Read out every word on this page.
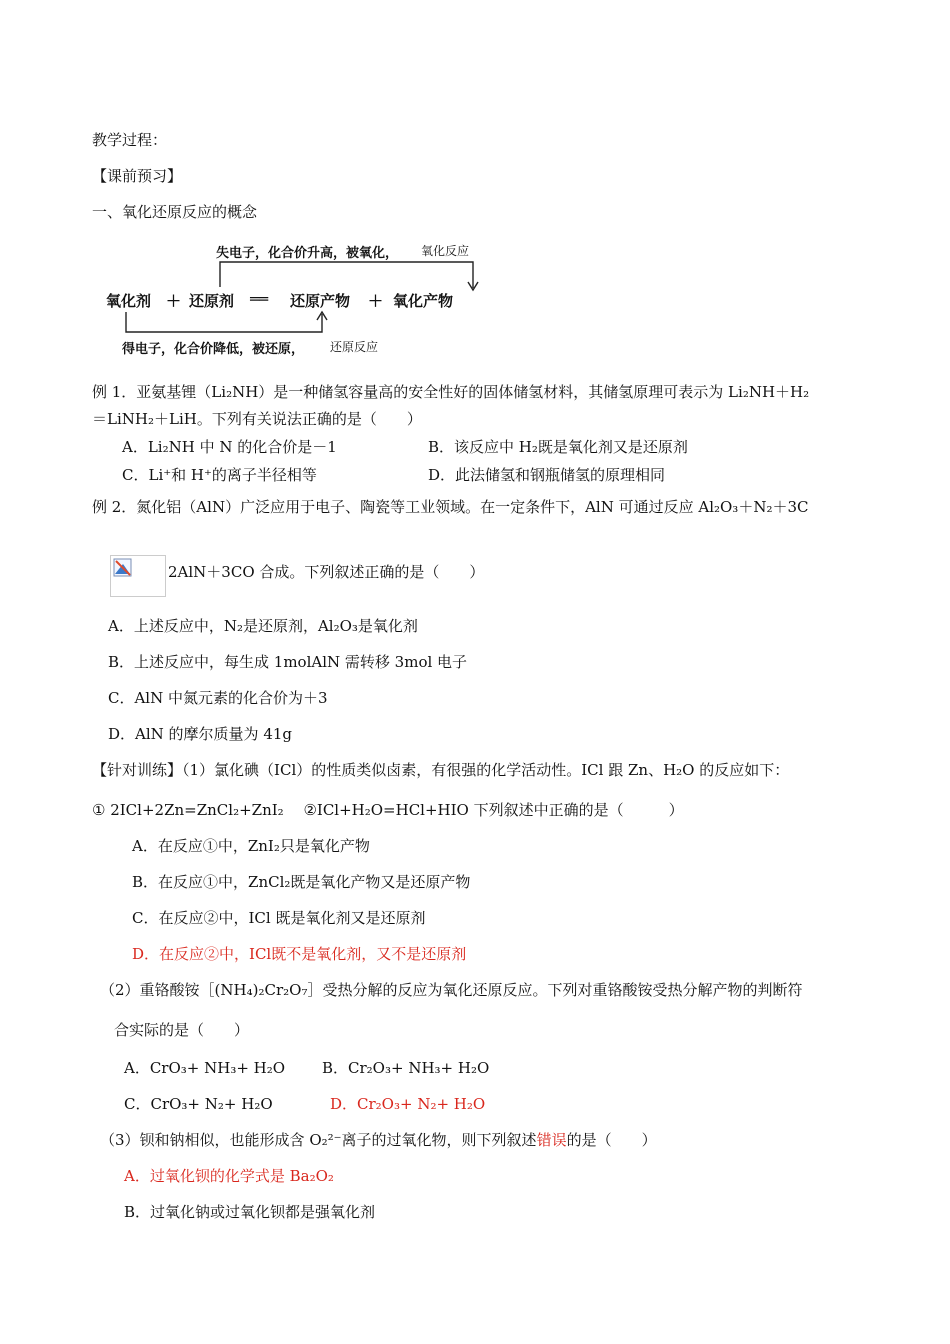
教学过程：
【课前预习】
一、氧化还原反应的概念
失电子，化合价升高，被氧化， 氧化反应
氧化剂 ＋ 还原剂 ══ 还原产物 ＋ 氧化产物
得电子，化合价降低，被还原， 还原反应
例 1．亚氨基锂（Li₂NH）是一种储氢容量高的安全性好的固体储氢材料，其储氢原理可表示为 Li₂NH＋H₂
＝LiNH₂＋LiH。下列有关说法正确的是（　　）
A．Li₂NH 中 N 的化合价是－1	B．该反应中 H₂既是氧化剂又是还原剂
C．Li⁺和 H⁺的离子半径相等	D．此法储氢和钢瓶储氢的原理相同
例 2．氮化铝（AlN）广泛应用于电子、陶瓷等工业领域。在一定条件下，AlN 可通过反应 Al₂O₃＋N₂＋3C
2AlN＋3CO 合成。下列叙述正确的是（　　）
A．上述反应中，N₂是还原剂，Al₂O₃是氧化剂
B．上述反应中，每生成 1molAlN 需转移 3mol 电子
C．AlN 中氮元素的化合价为＋3
D．AlN 的摩尔质量为 41g
【针对训练】（1）氯化碘（ICl）的性质类似卤素，有很强的化学活动性。ICl 跟 Zn、H₂O 的反应如下：
① 2ICl+2Zn=ZnCl₂+ZnI₂　 ②ICl+H₂O=HCl+HIO 下列叙述中正确的是（　　　）
A．在反应①中，ZnI₂只是氧化产物
B．在反应①中，ZnCl₂既是氧化产物又是还原产物
C．在反应②中，ICl 既是氧化剂又是还原剂
D．在反应②中，ICl既不是氧化剂，又不是还原剂
（2）重铬酸铵［(NH₄)₂Cr₂O₇］受热分解的反应为氧化还原反应。下列对重铬酸铵受热分解产物的判断符
合实际的是（　　）
A．CrO₃+ NH₃+ H₂O B．Cr₂O₃+ NH₃+ H₂O
C．CrO₃+ N₂+ H₂O	D．Cr₂O₃+ N₂+ H₂O
（3）钡和钠相似，也能形成含 O₂²⁻离子的过氧化物，则下列叙述错误的是（　　）
A．过氧化钡的化学式是 Ba₂O₂
B．过氧化钠或过氧化钡都是强氧化剂
